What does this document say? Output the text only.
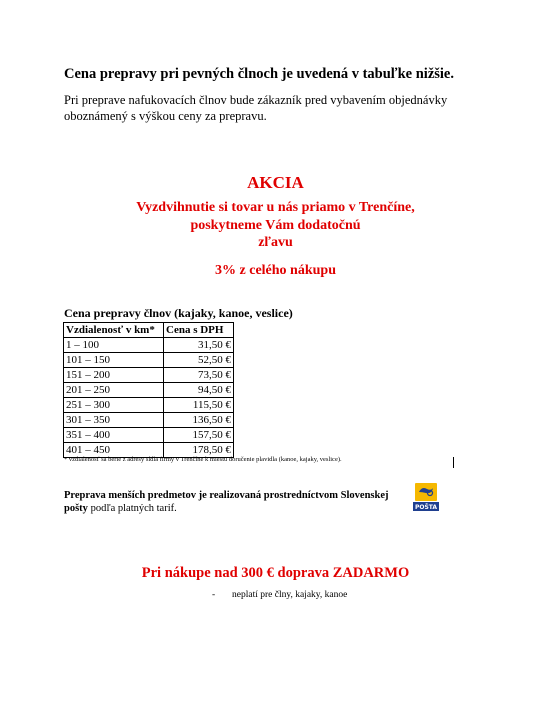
Cena prepravy pri pevných člnoch je uvedená v tabuľke nižšie.
Pri preprave nafukovacích člnov bude zákazník pred vybavením objednávky oboznámený s výškou ceny za prepravu.
AKCIA
Vyzdvihnutie si tovar u nás priamo v Trenčíne,
poskytneme Vám dodatočnú
zľavu
3% z celého nákupu
Cena prepravy člnov (kajaky, kanoe, veslice)
Vzdialenosť v km*	Cena s DPH
1 – 100	31,50 €
101 – 150	52,50 €
151 – 200	73,50 €
201 – 250	94,50 €
251 – 300	115,50 €
301 – 350	136,50 €
351 – 400	157,50 €
401 – 450	178,50 €
* vzdialenosť sa berie z adresy sídla firmy v Trenčíne k miestu doručenie plavidla (kanoe, kajaky, veslice).
Preprava menších predmetov je realizovaná prostredníctvom Slovenskej pošty podľa platných tarif.	POŠTA
Pri nákupe nad 300 € doprava ZADARMO
- neplatí pre člny, kajaky, kanoe
